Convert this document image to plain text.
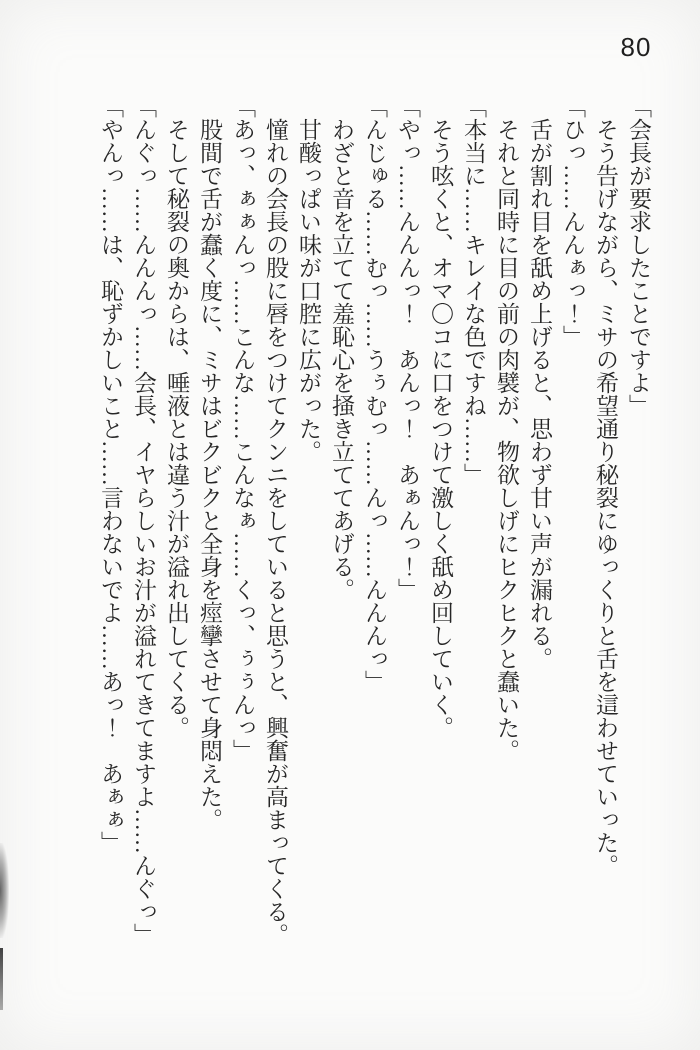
80

「会長が要求したことですよ」

そう告げながら、ミサの希望通り秘裂にゆっくりと舌を這わせていった。

「ひっ……んんぁっ！」

舌が割れ目を舐め上げると、思わず甘い声が漏れる。

それと同時に目の前の肉襞が、物欲しげにヒクヒクと蠢いた。

「本当に……キレイな色ですね……」

そう呟くと、オマ〇コに口をつけて激しく舐め回していく。

「やっ……んんんっ！　あんっ！　あぁんっ！」

「んじゅる……むっ……うぅむっ……んっ……んんんっ」

わざと音を立てて羞恥心を掻き立ててあげる。

甘酸っぱい味が口腔に広がった。

憧れの会長の股に唇をつけてクンニをしていると思うと、興奮が高まってくる。

「あっ、ぁぁんっ……こんな……こんなぁ……くっ、ぅぅんっ」

股間で舌が蠢く度に、ミサはビクビクと全身を痙攣させて身悶えた。

そして秘裂の奥からは、唾液とは違う汁が溢れ出してくる。

「んぐっ……んんんっ……会長、イヤらしいお汁が溢れてきてますよ……んぐっ」

「やんっ……は、恥ずかしいこと……言わないでよ……あっ！　あぁぁ」
